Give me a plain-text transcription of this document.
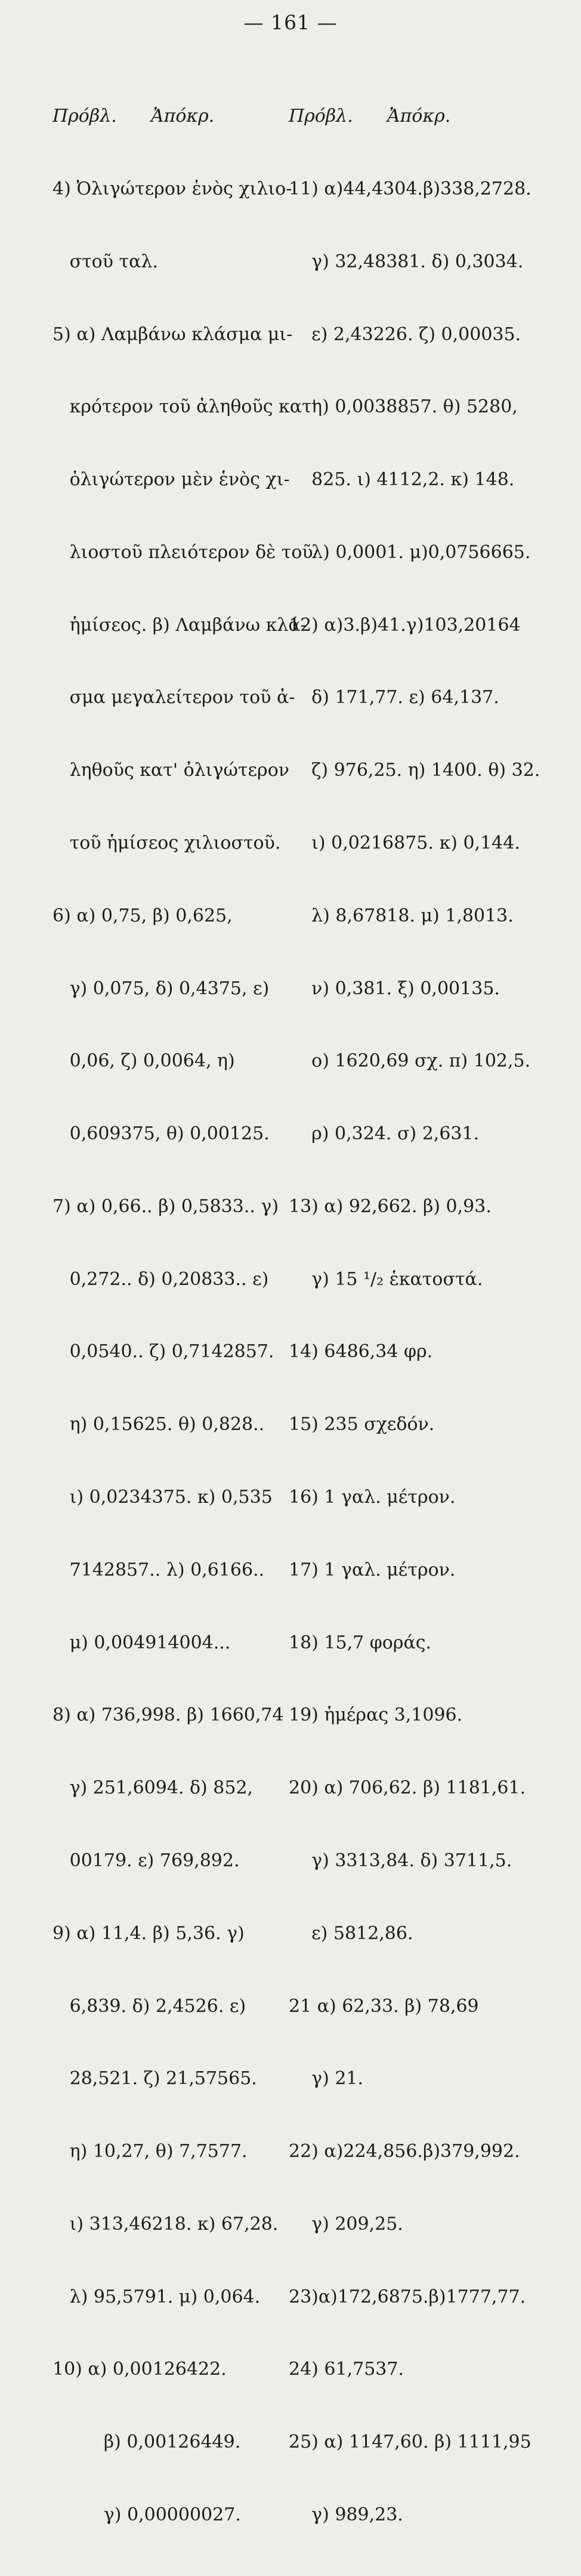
— 161 —

Πρόβλ.      Ἀπόκρ.

4) Ὀλιγώτερον ἑνὸς χιλιο-

στοῦ ταλ.

5) α) Λαμβάνω κλάσμα μι-

κρότερον τοῦ ἀληθοῦς κατ'

ὀλιγώτερον μὲν ἑνὸς χι-

λιοστοῦ πλειότερον δὲ τοῦ

ἡμίσεος. β) Λαμβάνω κλά-

σμα μεγαλείτερον τοῦ ἀ-

ληθοῦς κατ' ὀλιγώτερον

τοῦ ἡμίσεος χιλιοστοῦ.

6) α) 0,75, β) 0,625,

γ) 0,075, δ) 0,4375, ε)

0,06, ζ) 0,0064, η)

0,609375, θ) 0,00125.

7) α) 0,66.. β) 0,5833.. γ)

0,272.. δ) 0,20833.. ε)

0,0540.. ζ) 0,7142857.

η) 0,15625. θ) 0,828..

ι) 0,0234375. κ) 0,535

7142857.. λ) 0,6166..

μ) 0,004914004...

8) α) 736,998. β) 1660,74

γ) 251,6094. δ) 852,

00179. ε) 769,892.

9) α) 11,4. β) 5,36. γ)

6,839. δ) 2,4526. ε)

28,521. ζ) 21,57565.

η) 10,27, θ) 7,7577.

ι) 313,46218. κ) 67,28.

λ) 95,5791. μ) 0,064.

10) α) 0,00126422.

β) 0,00126449.

γ) 0,00000027.

Πρόβλ.      Ἀπόκρ.

11) α)44,4304.β)338,2728.

γ) 32,48381. δ) 0,3034.

ε) 2,43226. ζ) 0,00035.

η) 0,0038857. θ) 5280,

825. ι) 4112,2. κ) 148.

λ) 0,0001. μ)0,0756665.

12) α)3.β)41.γ)103,20164

δ) 171,77. ε) 64,137.

ζ) 976,25. η) 1400. θ) 32.

ι) 0,0216875. κ) 0,144.

λ) 8,67818. μ) 1,8013.

ν) 0,381. ξ) 0,00135.

ο) 1620,69 σχ. π) 102,5.

ρ) 0,324. σ) 2,631.

13) α) 92,662. β) 0,93.

γ) 15 ¹/₂ ἑκατοστά.

14) 6486,34 φρ.

15) 235 σχεδόν.

16) 1 γαλ. μέτρον.

17) 1 γαλ. μέτρον.

18) 15,7 φοράς.

19) ἡμέρας 3,1096.

20) α) 706,62. β) 1181,61.

γ) 3313,84. δ) 3711,5.

ε) 5812,86.

21 α) 62,33. β) 78,69

γ) 21.

22) α)224,856.β)379,992.

γ) 209,25.

23)α)172,6875.β)1777,77.

24) 61,7537.

25) α) 1147,60. β) 1111,95

γ) 989,23.
